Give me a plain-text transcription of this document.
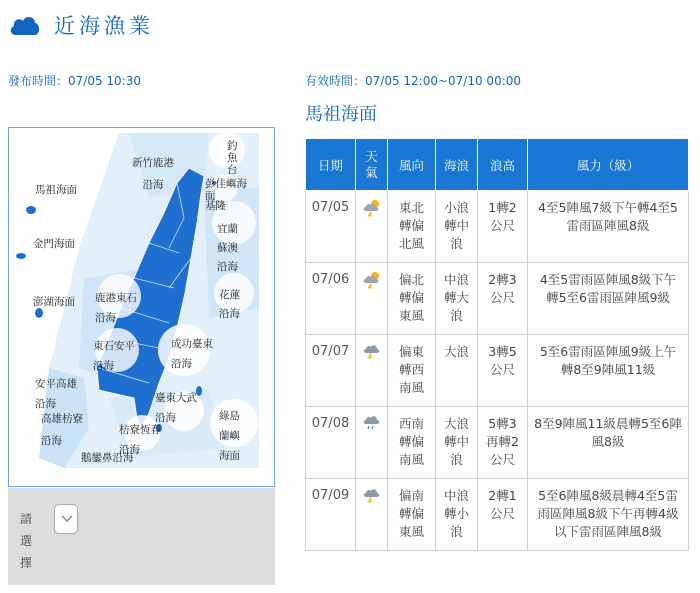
近海漁業
發布時間：07/05 10:30	有效時間：07/05 12:00~07/10 00:00
馬祖海面
釣魚台
彭佳嶼海面
基隆
宜蘭蘇澳沿海
花蓮沿海
新竹鹿港沿海
馬祖海面
金門海面
澎湖海面 鹿港東石沿海
東石安平沿海
成功臺東沿海
安平高雄沿海
高雄枋寮沿海
枋寮恆春沿海
臺東大武沿海
鵝鑾鼻沿海
綠島蘭嶼海面
請選擇
日期	天氣	風向	海浪	浪高	風力（級）
07/05		東北轉偏北風	小浪轉中浪	1轉2公尺	4至5陣風7級下午轉4至5雷雨區陣風8級
07/06		偏北轉偏東風	中浪轉大浪	2轉3公尺	4至5雷雨區陣風8級下午轉5至6雷雨區陣風9級
07/07		偏東轉西南風	大浪	3轉5公尺	5至6雷雨區陣風9級上午轉8至9陣風11級
07/08		西南轉偏南風	大浪轉中浪	5轉3再轉2公尺	8至9陣風11級晨轉5至6陣風8級
07/09		偏南轉偏東風	中浪轉小浪	2轉1公尺	5至6陣風8級晨轉4至5雷雨區陣風8級下午再轉4級以下雷雨區陣風8級
